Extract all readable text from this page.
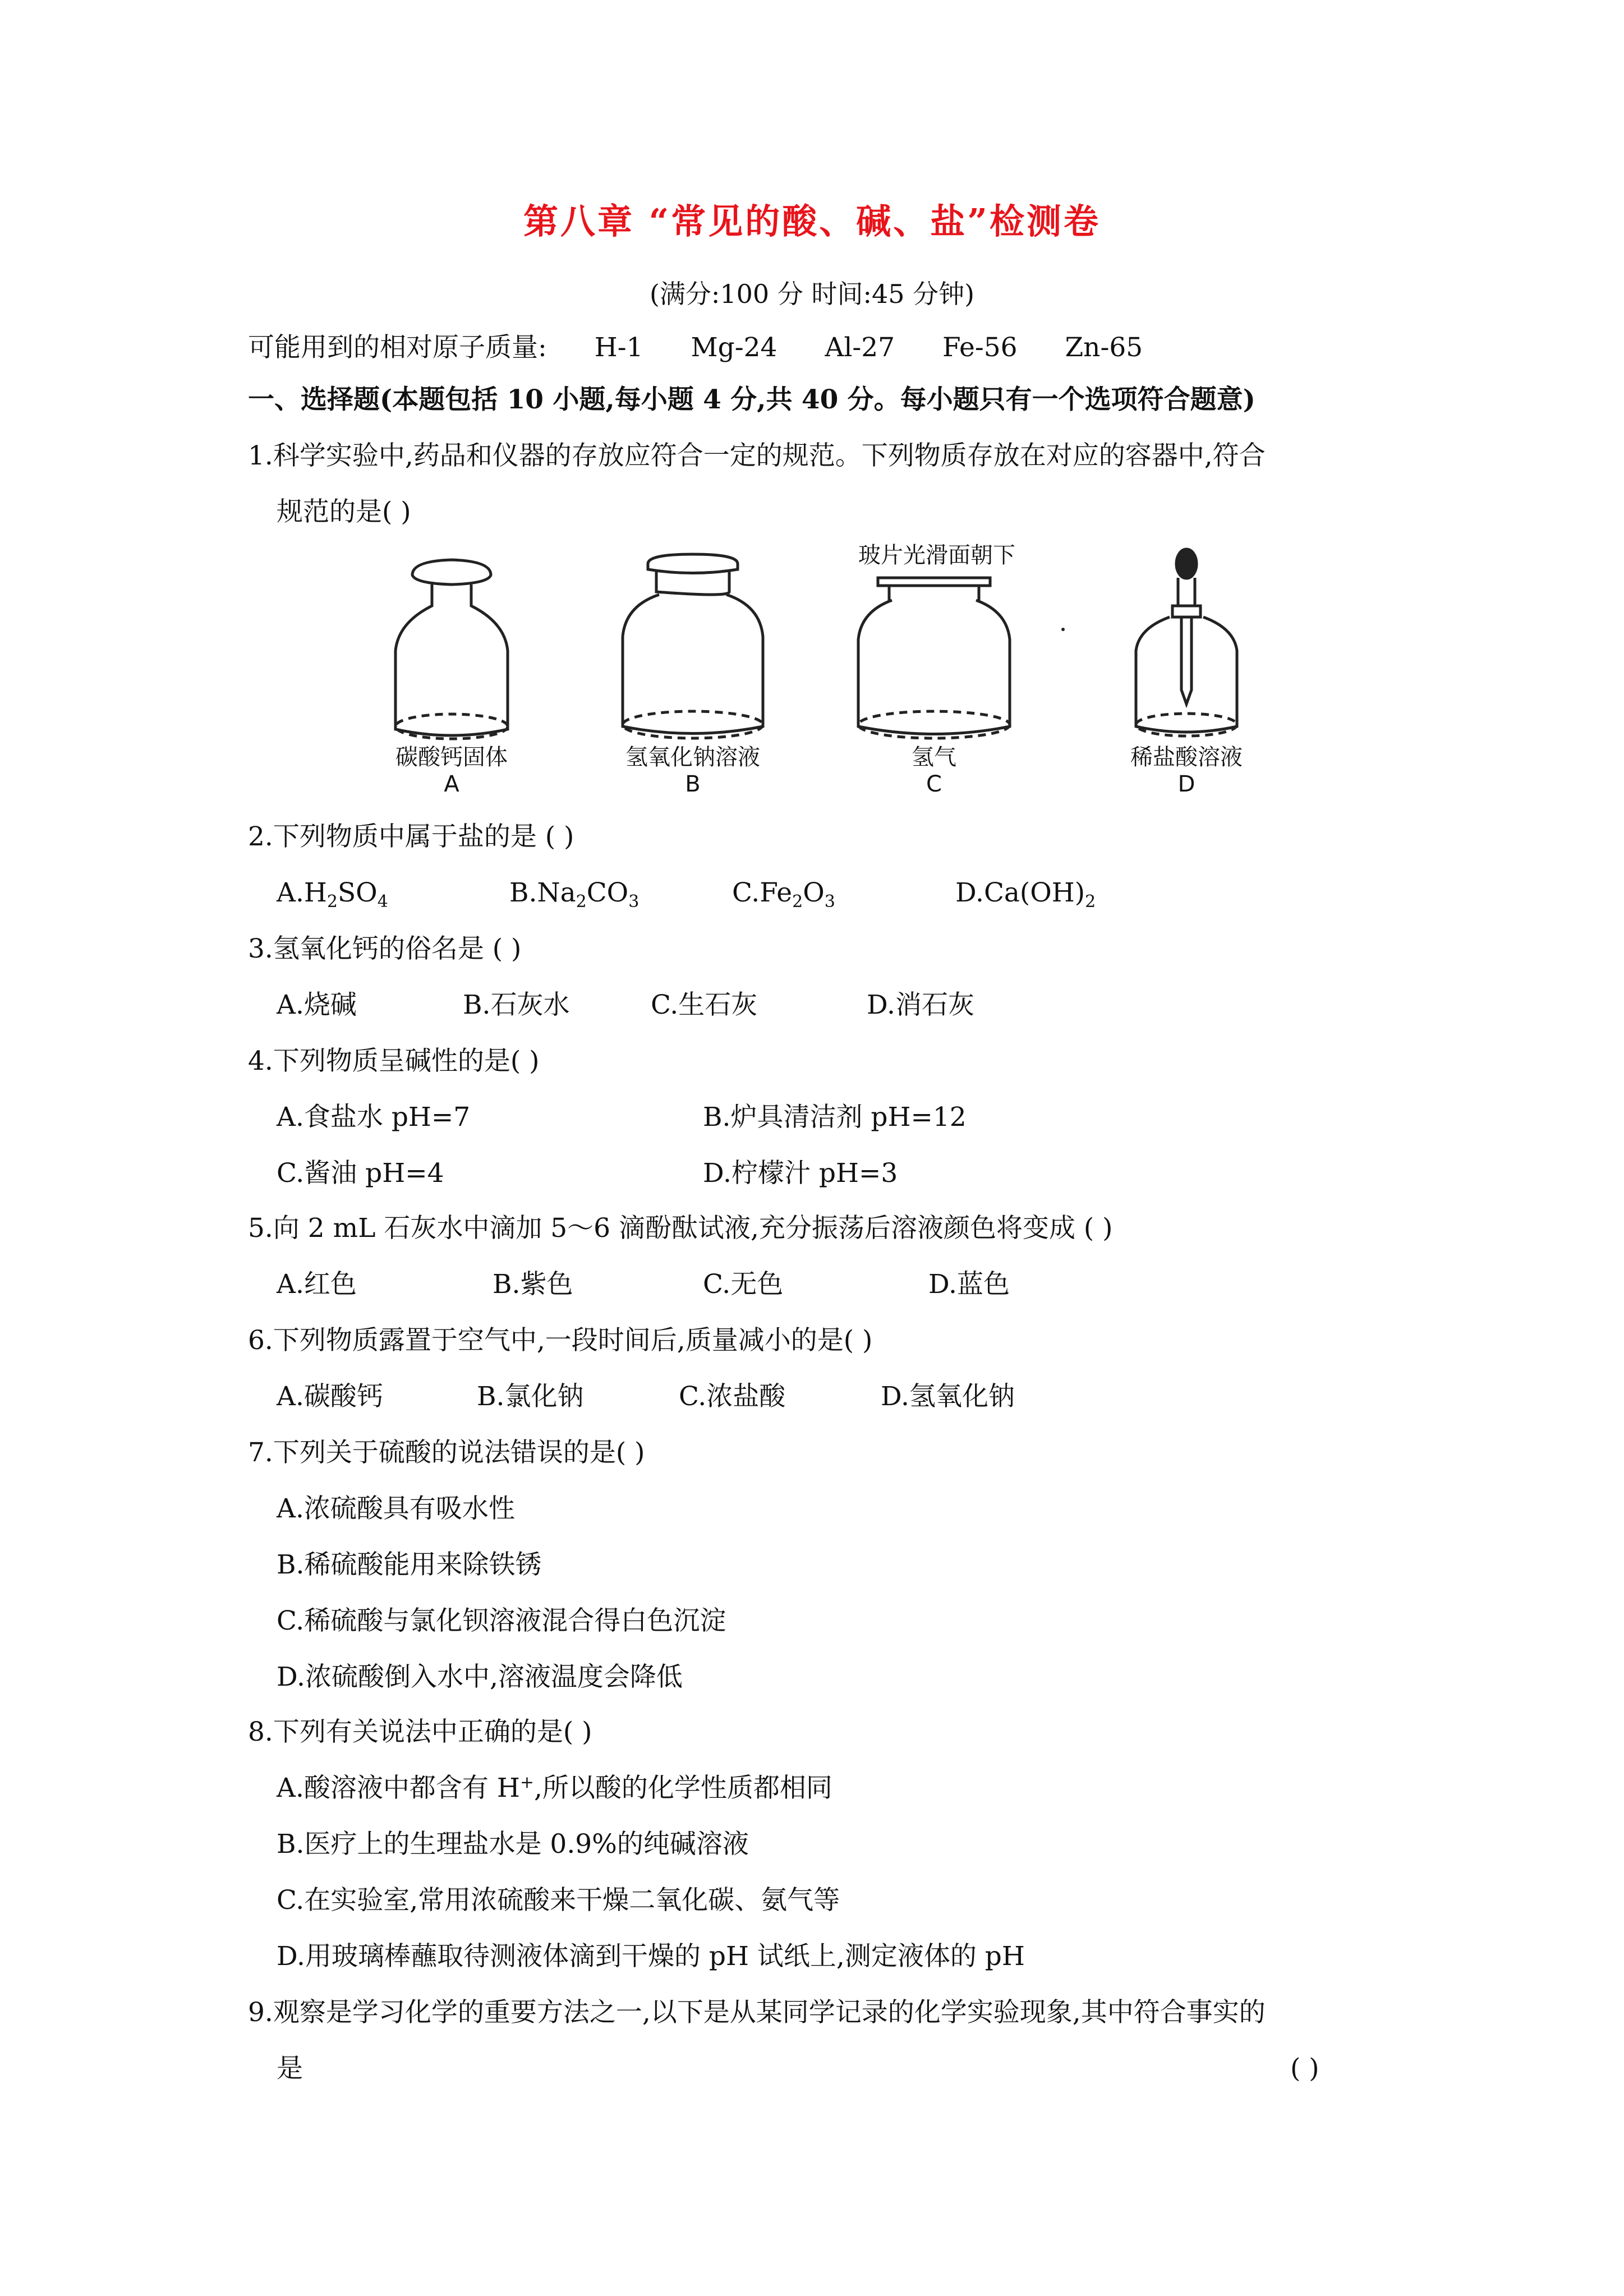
第八章 “常见的酸、碱、盐”检测卷
(满分:100 分 时间:45 分钟)
可能用到的相对原子质量: H-1 Mg-24 Al-27 Fe-56 Zn-65
一、选择题(本题包括 10 小题,每小题 4 分,共 40 分。每小题只有一个选项符合题意)
1.科学实验中,药品和仪器的存放应符合一定的规范。下列物质存放在对应的容器中,符合
规范的是( )
玻片光滑面朝下
碳酸钙固体
A
氢氧化钠溶液
B
氢气
C
稀盐酸溶液
D
2.下列物质中属于盐的是 ( )
$A.H_2SO_4$	$B.Na_2CO_3$	$C.Fe_2O_3$	$D.Ca(OH)_2$
3.氢氧化钙的俗名是 ( )
A.烧碱	B.石灰水	C.生石灰	D.消石灰
4.下列物质呈碱性的是( )
A.食盐水 pH=7	B.炉具清洁剂 pH=12
C.酱油 pH=4	D.柠檬汁 pH=3
5.向 2 mL 石灰水中滴加 5～6 滴酚酞试液,充分振荡后溶液颜色将变成 ( )
A.红色	B.紫色	C.无色	D.蓝色
6.下列物质露置于空气中,一段时间后,质量减小的是( )
A.碳酸钙	B.氯化钠	C.浓盐酸	D.氢氧化钠
7.下列关于硫酸的说法错误的是( )
A.浓硫酸具有吸水性
B.稀硫酸能用来除铁锈
C.稀硫酸与氯化钡溶液混合得白色沉淀
D.浓硫酸倒入水中,溶液温度会降低
8.下列有关说法中正确的是( )
A.酸溶液中都含有 H+,所以酸的化学性质都相同
B.医疗上的生理盐水是 0.9%的纯碱溶液
C.在实验室,常用浓硫酸来干燥二氧化碳、氨气等
D.用玻璃棒蘸取待测液体滴到干燥的 pH 试纸上,测定液体的 pH
9.观察是学习化学的重要方法之一,以下是从某同学记录的化学实验现象,其中符合事实的
是	( )
